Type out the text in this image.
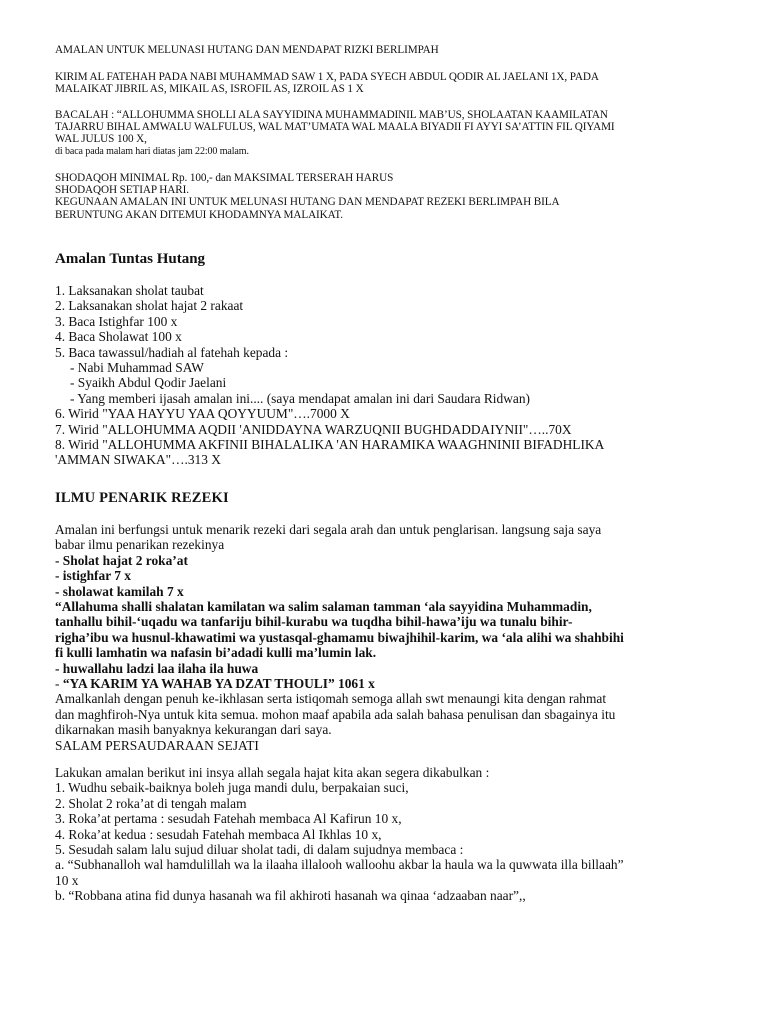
AMALAN UNTUK MELUNASI HUTANG DAN MENDAPAT RIZKI BERLIMPAH
KIRIM AL FATEHAH PADA NABI MUHAMMAD SAW 1 X, PADA SYECH ABDUL QODIR AL JAELANI 1X, PADA
MALAIKAT JIBRIL AS, MIKAIL AS, ISROFIL AS, IZROIL AS 1 X
BACALAH : “ALLOHUMMA SHOLLI ALA SAYYIDINA MUHAMMADINIL MAB’US, SHOLAATAN KAAMILATAN
TAJARRU BIHAL AMWALU WALFULUS, WAL MAT’UMATA WAL MAALA BIYADII FI AYYI SA’ATTIN FIL QIYAMI
WAL JULUS 100 X,
di baca pada malam hari diatas jam 22:00 malam.
SHODAQOH MINIMAL Rp. 100,- dan MAKSIMAL TERSERAH HARUS
SHODAQOH SETIAP HARI.
KEGUNAAN AMALAN INI UNTUK MELUNASI HUTANG DAN MENDAPAT REZEKI BERLIMPAH BILA
BERUNTUNG AKAN DITEMUI KHODAMNYA MALAIKAT.
Amalan Tuntas Hutang
1. Laksanakan sholat taubat
2. Laksanakan sholat hajat 2 rakaat
3. Baca Istighfar 100 x
4. Baca Sholawat 100 x
5. Baca tawassul/hadiah al fatehah kepada :
- Nabi Muhammad SAW
- Syaikh Abdul Qodir Jaelani
- Yang memberi ijasah amalan ini.... (saya mendapat amalan ini dari Saudara Ridwan)
6. Wirid "YAA HAYYU YAA QOYYUUM"….7000 X
7. Wirid "ALLOHUMMA AQDII 'ANIDDAYNA WARZUQNII BUGHDADDAIYNII"…..70X
8. Wirid "ALLOHUMMA AKFINII BIHALALIKA 'AN HARAMIKA WAAGHNINII BIFADHLIKA
'AMMAN SIWAKA"….313 X
ILMU PENARIK REZEKI
Amalan ini berfungsi untuk menarik rezeki dari segala arah dan untuk penglarisan. langsung saja saya
babar ilmu penarikan rezekinya
- Sholat hajat 2 roka’at
- istighfar 7 x
- sholawat kamilah 7 x
“Allahuma shalli shalatan kamilatan wa salim salaman tamman ‘ala sayyidina Muhammadin,
tanhallu bihil-‘uqadu wa tanfariju bihil-kurabu wa tuqdha bihil-hawa’iju wa tunalu bihir-
righa’ibu wa husnul-khawatimi wa yustasqal-ghamamu biwajhihil-karim, wa ‘ala alihi wa shahbihi
fi kulli lamhatin wa nafasin bi’adadi kulli ma’lumin lak.
- huwallahu ladzi laa ilaha ila huwa
- “YA KARIM YA WAHAB YA DZAT THOULI” 1061 x
Amalkanlah dengan penuh ke-ikhlasan serta istiqomah semoga allah swt menaungi kita dengan rahmat
dan maghfiroh-Nya untuk kita semua. mohon maaf apabila ada salah bahasa penulisan dan sbagainya itu
dikarnakan masih banyaknya kekurangan dari saya.
SALAM PERSAUDARAAN SEJATI
Lakukan amalan berikut ini insya allah segala hajat kita akan segera dikabulkan :
1. Wudhu sebaik-baiknya boleh juga mandi dulu, berpakaian suci,
2. Sholat 2 roka’at di tengah malam
3. Roka’at pertama : sesudah Fatehah membaca Al Kafirun 10 x,
4. Roka’at kedua : sesudah Fatehah membaca Al Ikhlas 10 x,
5. Sesudah salam lalu sujud diluar sholat tadi, di dalam sujudnya membaca :
a. “Subhanalloh wal hamdulillah wa la ilaaha illalooh walloohu akbar la haula wa la quwwata illa billaah”
10 x
b. “Robbana atina fid dunya hasanah wa fil akhiroti hasanah wa qinaa ‘adzaaban naar”,,
